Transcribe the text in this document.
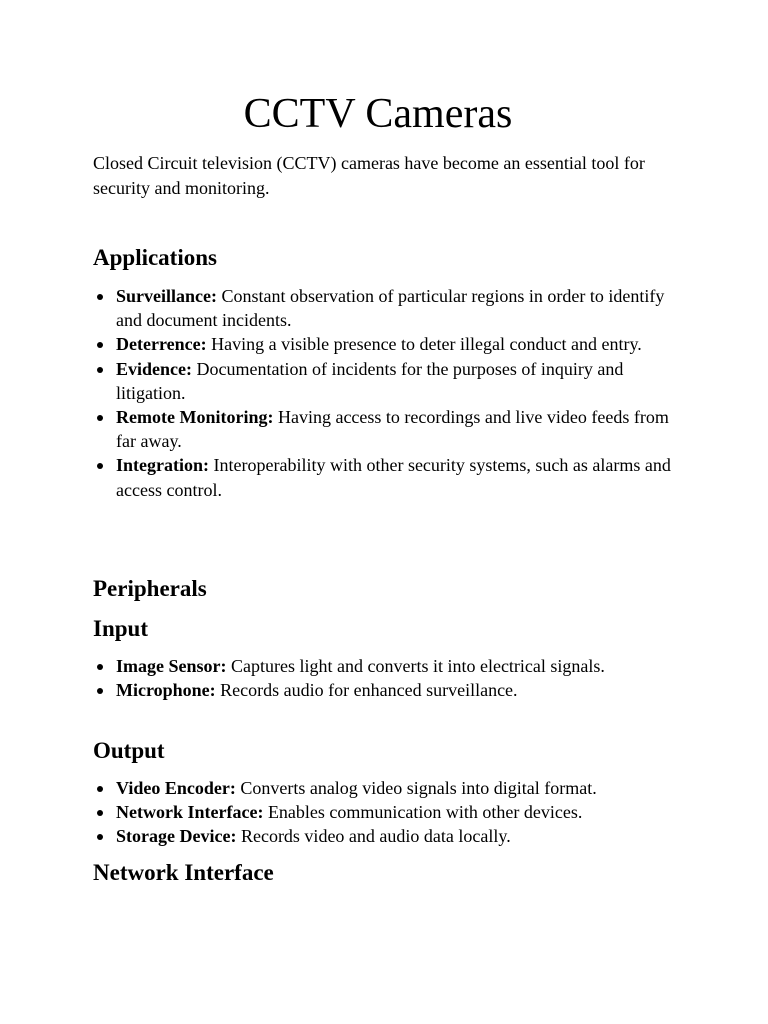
CCTV Cameras

Closed Circuit television (CCTV) cameras have become an essential tool for security and monitoring.

Applications
Surveillance: Constant observation of particular regions in order to identify and document incidents.
Deterrence: Having a visible presence to deter illegal conduct and entry.
Evidence: Documentation of incidents for the purposes of inquiry and litigation.
Remote Monitoring: Having access to recordings and live video feeds from far away.
Integration: Interoperability with other security systems, such as alarms and access control.
Peripherals
Input
Image Sensor: Captures light and converts it into electrical signals.
Microphone: Records audio for enhanced surveillance.
Output
Video Encoder: Converts analog video signals into digital format.
Network Interface: Enables communication with other devices.
Storage Device: Records video and audio data locally.
Network Interface
